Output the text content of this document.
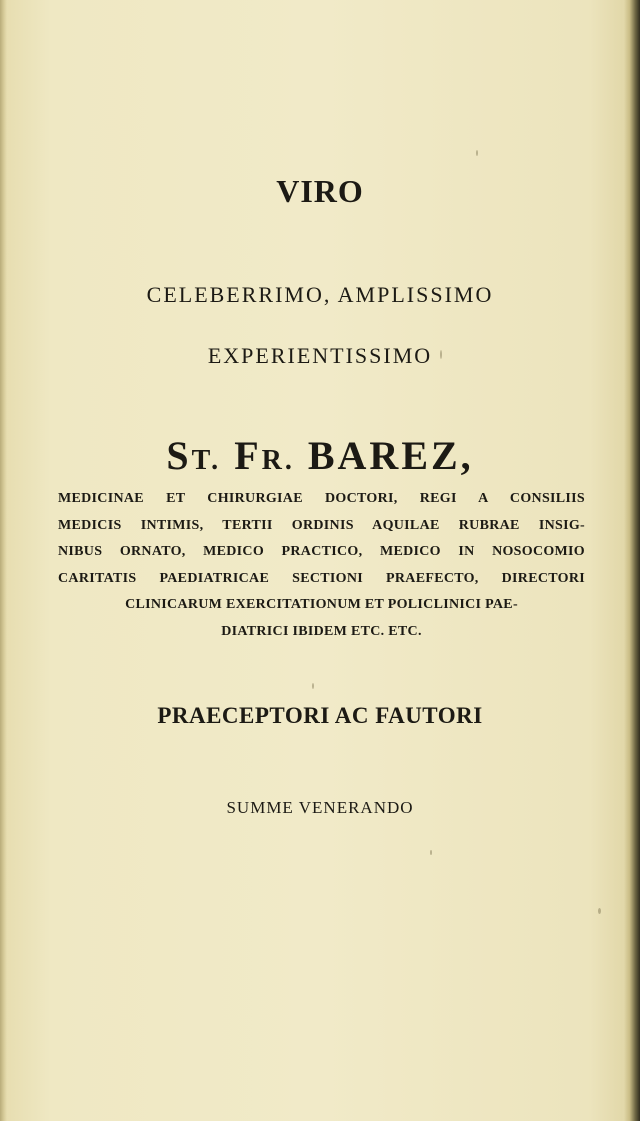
VIRO
CELEBERRIMO, AMPLISSIMO
EXPERIENTISSIMO
ST. FR. BAREZ,
MEDICINAE ET CHIRURGIAE DOCTORI, REGI A CONSILIIS
MEDICIS INTIMIS, TERTII ORDINIS AQUILAE RUBRAE INSIG-
NIBUS ORNATO, MEDICO PRACTICO, MEDICO IN NOSOCOMIO
CARITATIS PAEDIATRICAE SECTIONI PRAEFECTO, DIRECTORI
CLINICARUM EXERCITATIONUM ET POLICLINICI PAE-
DIATRICI IBIDEM ETC. ETC.
PRAECEPTORI AC FAUTORI
SUMME VENERANDO
